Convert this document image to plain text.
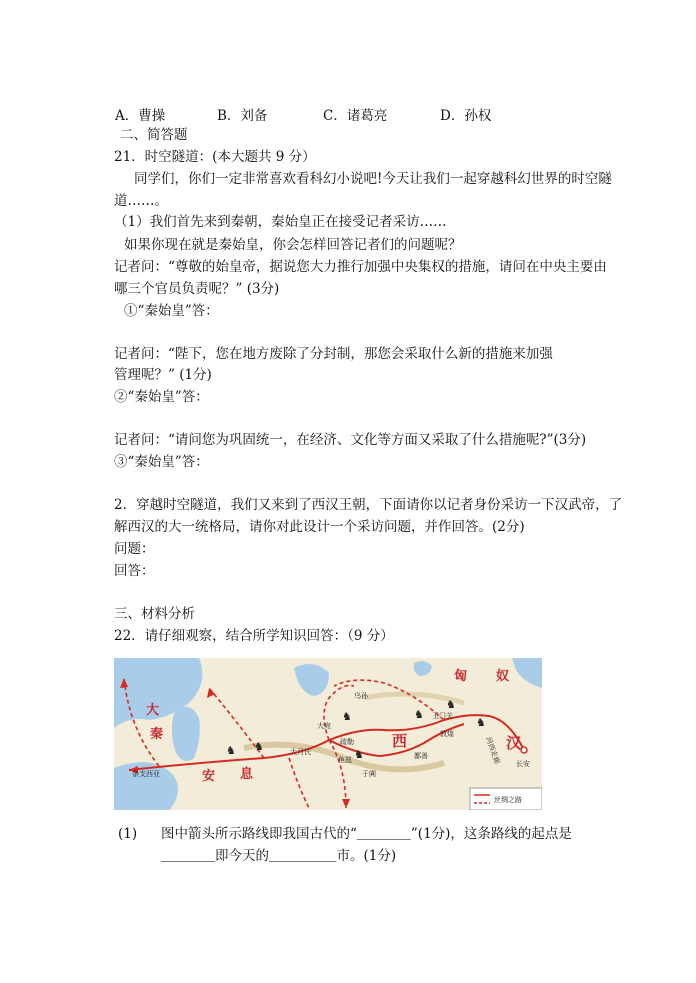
A．曹操	B．刘备	C．诸葛亮	D．孙权
二、简答题
21．时空隧道：(本大题共 9 分）
同学们，你们一定非常喜欢看科幻小说吧!今天让我们一起穿越科幻世界的时空隧
道……。
（1）我们首先来到秦朝，秦始皇正在接受记者采访……
如果你现在就是秦始皇，你会怎样回答记者们的问题呢？
记者问：“尊敬的始皇帝，据说您大力推行加强中央集权的措施，请问在中央主要由
哪三个官员负责呢？” (3分)
①“秦始皇”答：
记者问：“陛下，您在地方废除了分封制，那您会采取什么新的措施来加强
管理呢？” (1分)
②“秦始皇”答：
记者问：“请问您为巩固统一，在经济、文化等方面又采取了什么措施呢?”(3分)
③“秦始皇”答：
2．穿越时空隧道，我们又来到了西汉王朝，下面请你以记者身份采访一下汉武帝，了
解西汉的大一统格局，请你对此设计一个采访问题，并作回答。(2分)
问题：
回答：
三、材料分析
22．请仔细观察，结合所学知识回答：（9 分）
♞ ♞
♞
♞
♞
♞
♞
匈 奴
大
秦
安 息
西	汉
大宛
乌孙
大月氏
疏勒
龟兹
玉门关
敦煌
河西走廊
鄯善
于阗
条支西亚
长安
丝绸之路
(1) 图中箭头所示路线即我国古代的“＿＿＿＿”(1分)，这条路线的起点是
＿＿＿＿即今天的＿＿＿＿＿市。(1分)
